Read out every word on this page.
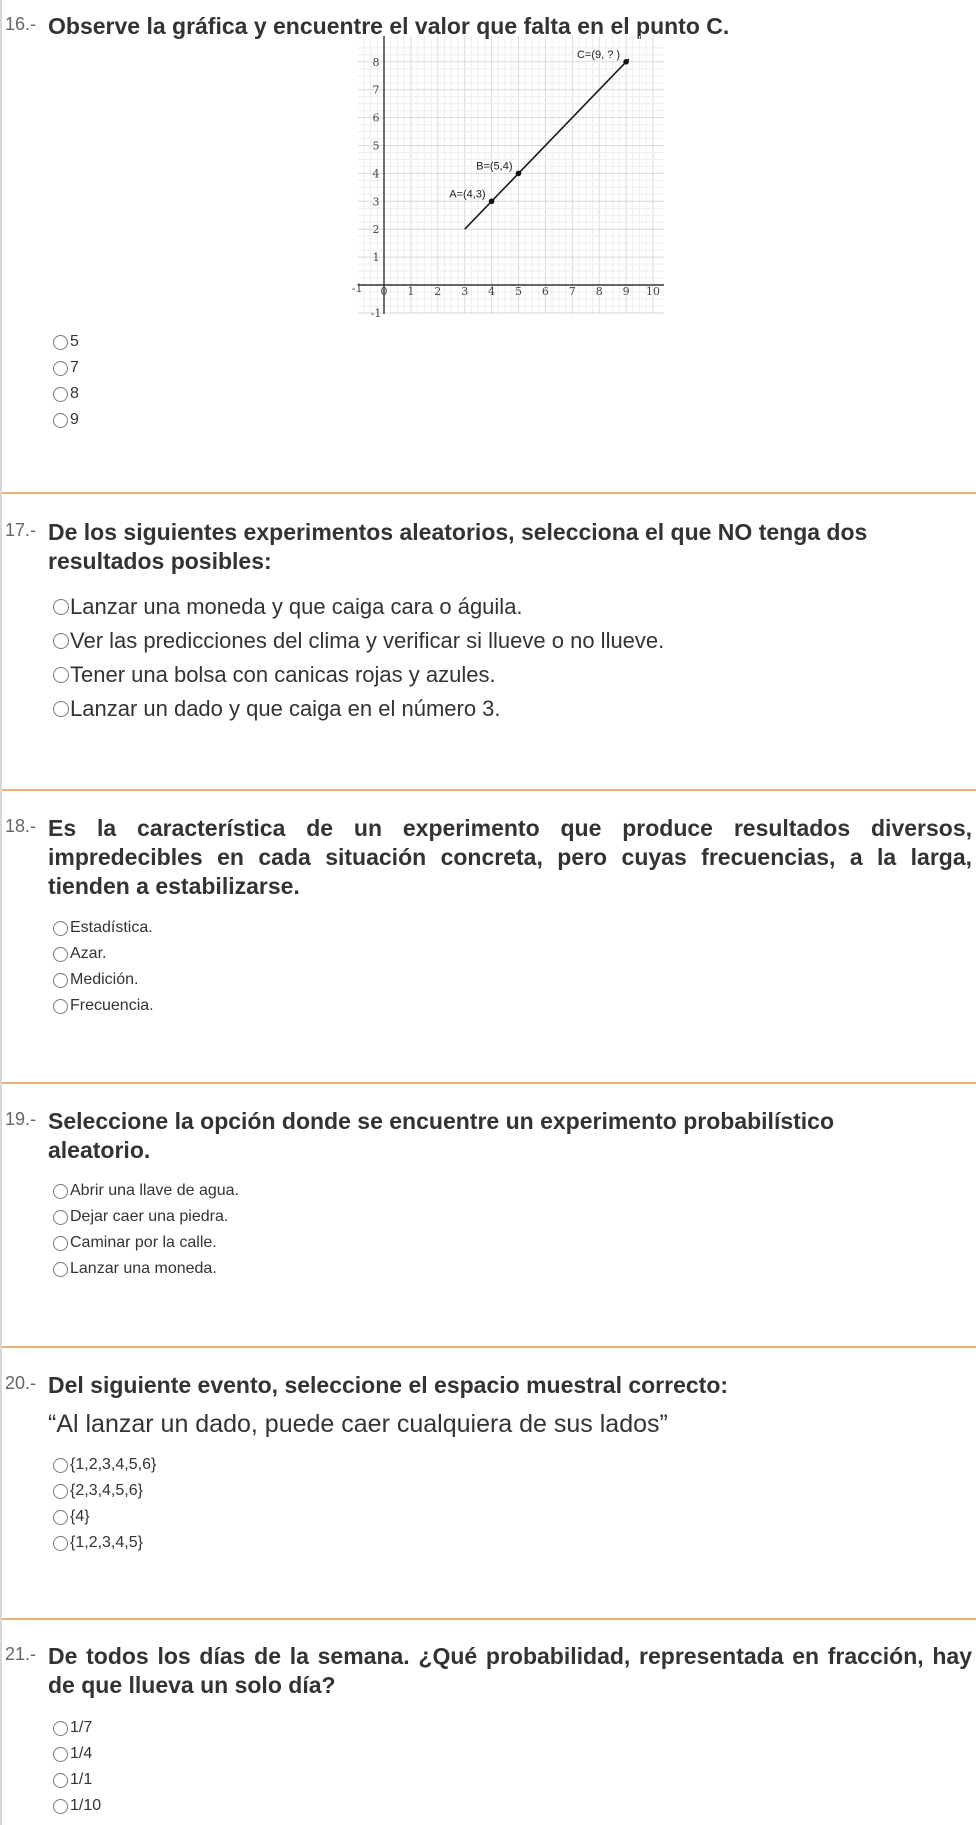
16.- Observe la gráfica y encuentre el valor que falta en el punto C.
-1 0 1 2 3 4 5 6 7 8 9 10
-1
1
2
3
4
5
6
7
8
A=(4,3)
B=(5,4)
C=(9, ? )
5
7
8
9
17.- De los siguientes experimentos aleatorios, selecciona el que NO tenga dos resultados posibles:
Lanzar una moneda y que caiga cara o águila.
Ver las predicciones del clima y verificar si llueve o no llueve.
Tener una bolsa con canicas rojas y azules.
Lanzar un dado y que caiga en el número 3.
18.- Es la característica de un experimento que produce resultados diversos, impredecibles en cada situación concreta, pero cuyas frecuencias, a la larga, tienden a estabilizarse.
Estadística.
Azar.
Medición.
Frecuencia.
19.- Seleccione la opción donde se encuentre un experimento probabilístico aleatorio.
Abrir una llave de agua.
Dejar caer una piedra.
Caminar por la calle.
Lanzar una moneda.
20.- Del siguiente evento, seleccione el espacio muestral correcto:
“Al lanzar un dado, puede caer cualquiera de sus lados”
{1,2,3,4,5,6}
{2,3,4,5,6}
{4}
{1,2,3,4,5}
21.- De todos los días de la semana. ¿Qué probabilidad, representada en fracción, hay de que llueva un solo día?
1/7
1/4
1/1
1/10
